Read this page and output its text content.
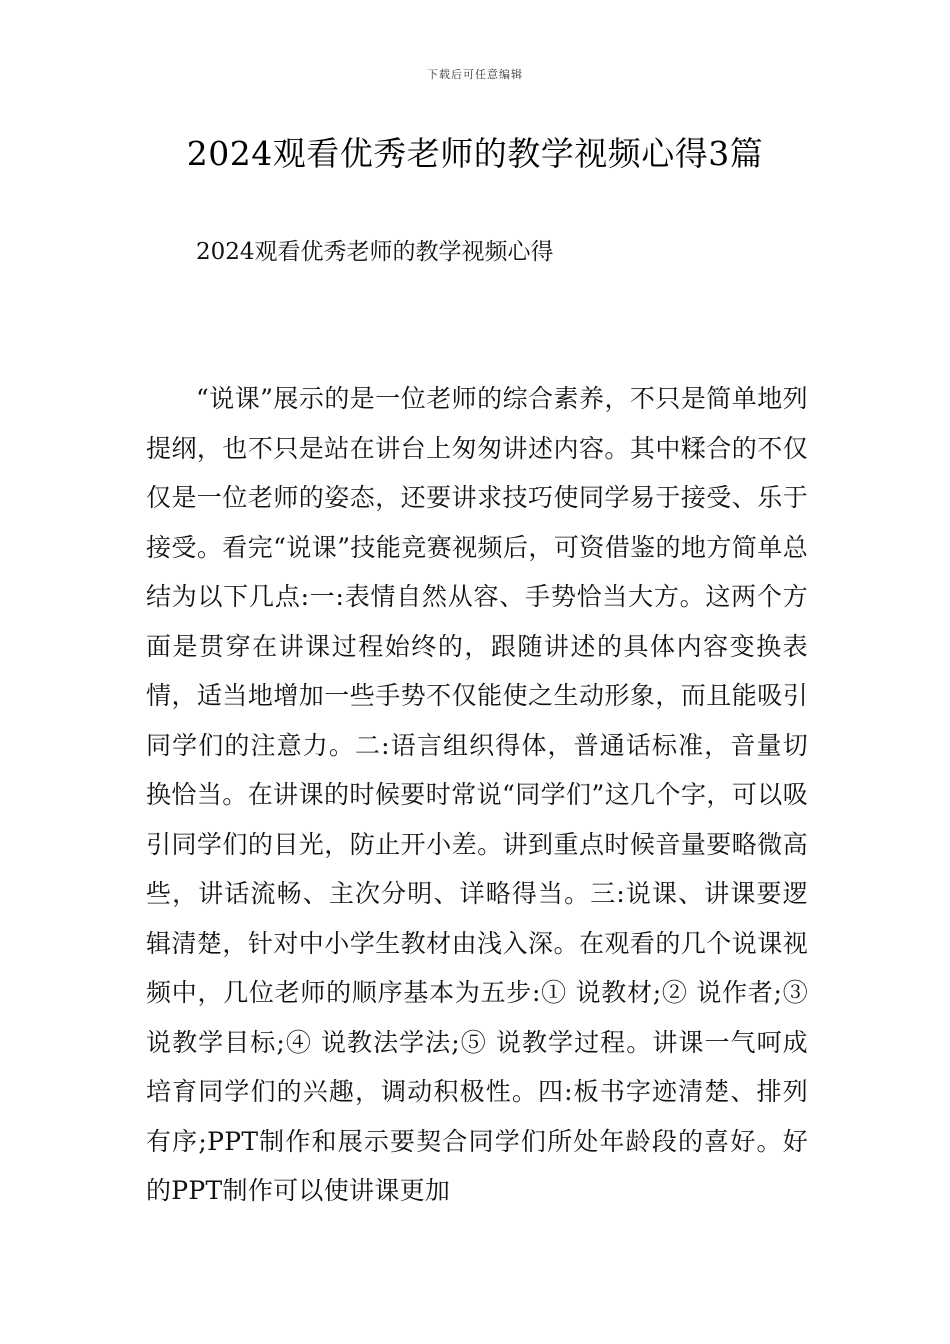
下载后可任意编辑
2024观看优秀老师的教学视频心得3篇

2024观看优秀老师的教学视频心得

“说课”展示的是一位老师的综合素养，不只是简单地列提纲，也不只是站在讲台上匆匆讲述内容。其中糅合的不仅仅是一位老师的姿态，还要讲求技巧使同学易于接受、乐于接受。看完“说课”技能竞赛视频后，可资借鉴的地方简单总结为以下几点:一:表情自然从容、手势恰当大方。这两个方面是贯穿在讲课过程始终的，跟随讲述的具体内容变换表情，适当地增加一些手势不仅能使之生动形象，而且能吸引同学们的注意力。二:语言组织得体，普通话标准，音量切换恰当。在讲课的时候要时常说“同学们”这几个字，可以吸引同学们的目光，防止开小差。讲到重点时候音量要略微高些，讲话流畅、主次分明、详略得当。三:说课、讲课要逻辑清楚，针对中小学生教材由浅入深。在观看的几个说课视频中，几位老师的顺序基本为五步:① 说教材;② 说作者;③ 说教学目标;④ 说教法学法;⑤ 说教学过程。讲课一气呵成培育同学们的兴趣，调动积极性。四:板书字迹清楚、排列有序;PPT制作和展示要契合同学们所处年龄段的喜好。好的PPT制作可以使讲课更加
